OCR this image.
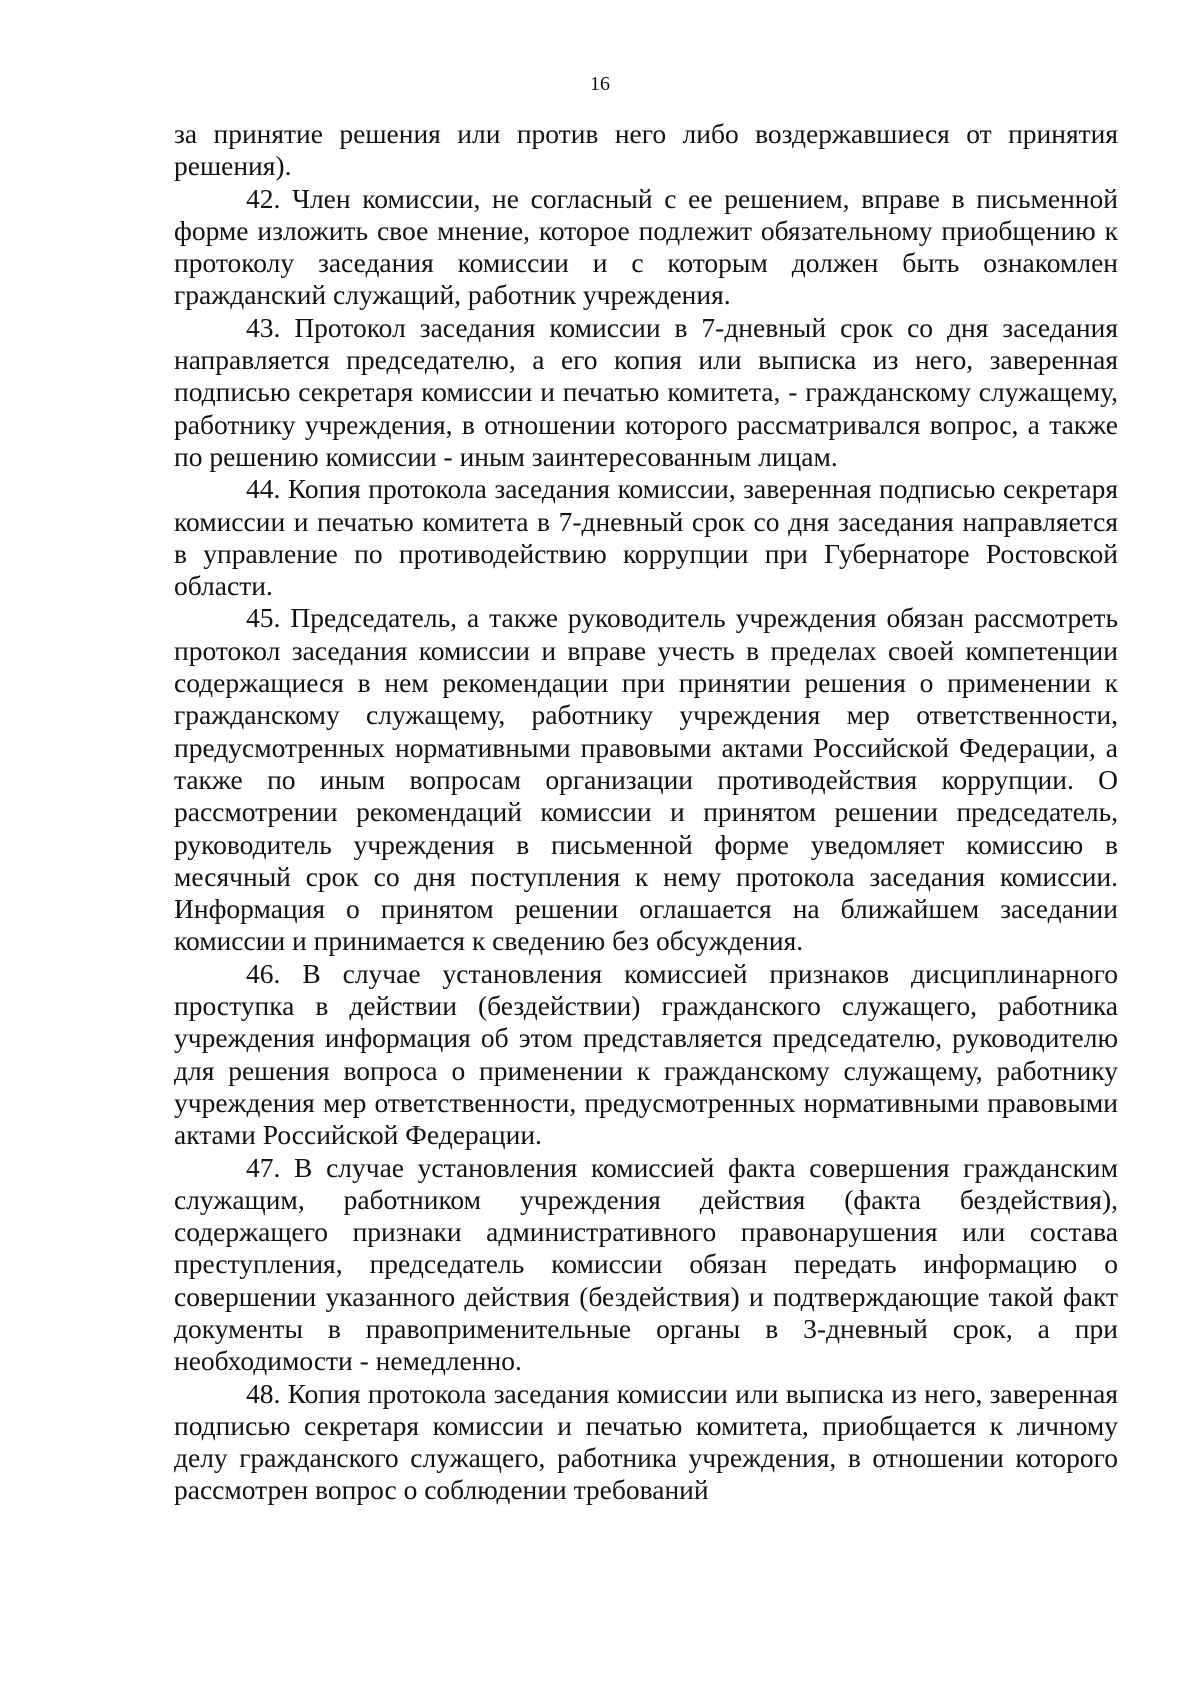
16

за принятие решения или против него либо воздержавшиеся от принятия решения).

42. Член комиссии, не согласный с ее решением, вправе в письменной форме изложить свое мнение, которое подлежит обязательному приобщению к протоколу заседания комиссии и с которым должен быть ознакомлен гражданский служащий, работник учреждения.

43. Протокол заседания комиссии в 7-дневный срок со дня заседания направляется председателю, а его копия или выписка из него, заверенная подписью секретаря комиссии и печатью комитета, - гражданскому служащему, работнику учреждения, в отношении которого рассматривался вопрос, а также по решению комиссии - иным заинтересованным лицам.

44. Копия протокола заседания комиссии, заверенная подписью секретаря комиссии и печатью комитета в 7-дневный срок со дня заседания направляется в управление по противодействию коррупции при Губернаторе Ростовской области.

45. Председатель, а также руководитель учреждения обязан рассмотреть протокол заседания комиссии и вправе учесть в пределах своей компетенции содержащиеся в нем рекомендации при принятии решения о применении к гражданскому служащему, работнику учреждения мер ответственности, предусмотренных нормативными правовыми актами Российской Федерации, а также по иным вопросам организации противодействия коррупции. О рассмотрении рекомендаций комиссии и принятом решении председатель, руководитель учреждения в письменной форме уведомляет комиссию в месячный срок со дня поступления к нему протокола заседания комиссии. Информация о принятом решении оглашается на ближайшем заседании комиссии и принимается к сведению без обсуждения.

46. В случае установления комиссией признаков дисциплинарного проступка в действии (бездействии) гражданского служащего, работника учреждения информация об этом представляется председателю, руководителю для решения вопроса о применении к гражданскому служащему, работнику учреждения мер ответственности, предусмотренных нормативными правовыми актами Российской Федерации.

47. В случае установления комиссией факта совершения гражданским служащим, работником учреждения действия (факта бездействия), содержащего признаки административного правонарушения или состава преступления, председатель комиссии обязан передать информацию о совершении указанного действия (бездействия) и подтверждающие такой факт документы в правоприменительные органы в 3-дневный срок, а при необходимости - немедленно.

48. Копия протокола заседания комиссии или выписка из него, заверенная подписью секретаря комиссии и печатью комитета, приобщается к личному делу гражданского служащего, работника учреждения, в отношении которого рассмотрен вопрос о соблюдении требований
